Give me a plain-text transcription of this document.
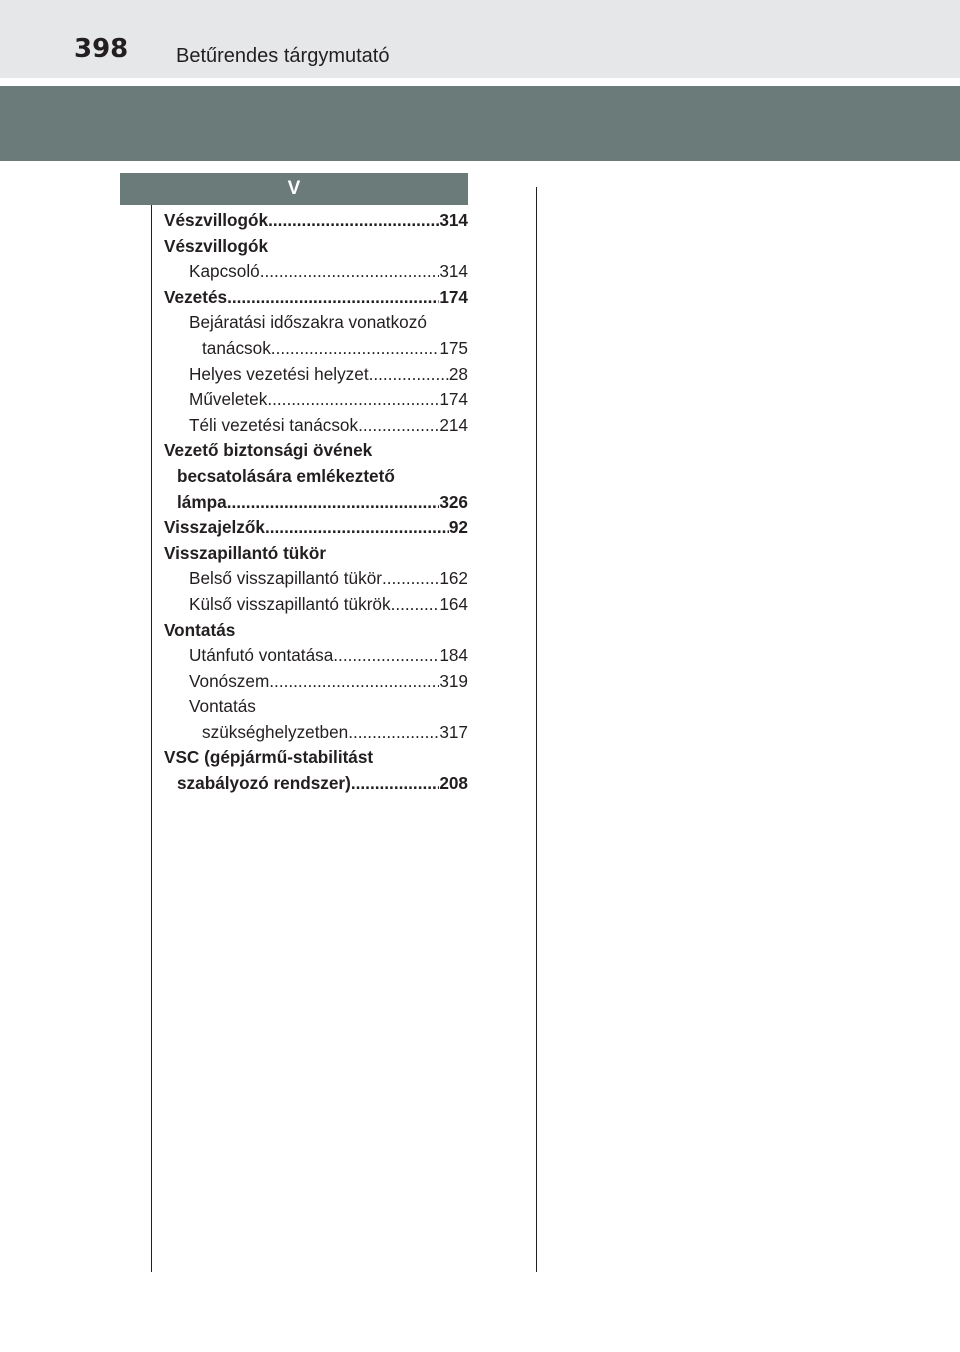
398 Betűrendes tárgymutató
V
Vészvillogók .....	314
Vészvillogók
Kapcsoló .....	314
Vezetés .....	174
Bejáratási időszakra vonatkozó
tanácsok .....	175
Helyes vezetési helyzet .....	28
Műveletek .....	174
Téli vezetési tanácsok .....	214
Vezető biztonsági övének
becsatolására emlékeztető
lámpa .....	326
Visszajelzők .....	92
Visszapillantó tükör
Belső visszapillantó tükör .....	162
Külső visszapillantó tükrök .....	164
Vontatás
Utánfutó vontatása .....	184
Vonószem .....	319
Vontatás
szükséghelyzetben .....	317
VSC (gépjármű-stabilitást
szabályozó rendszer) .....	208
